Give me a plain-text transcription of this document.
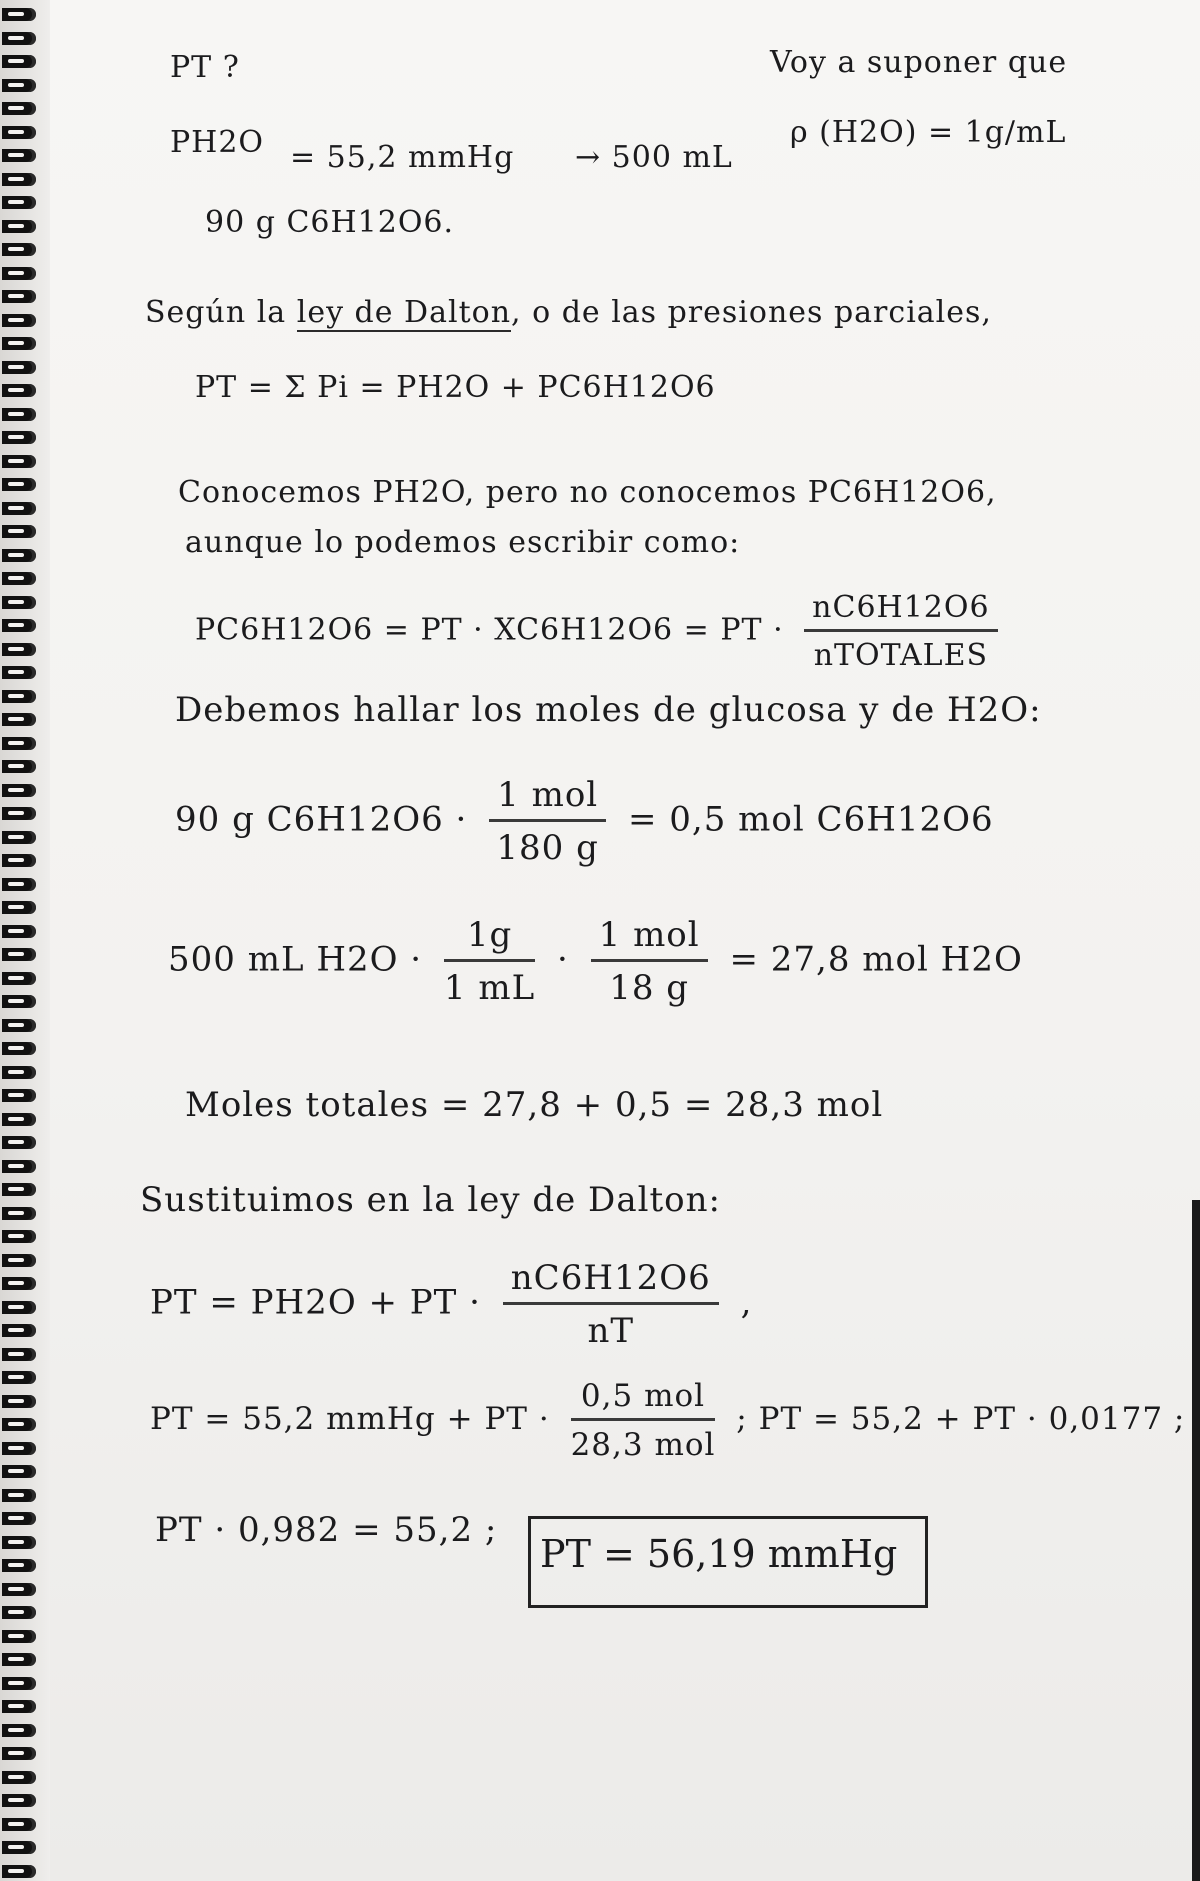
PT ?
PH2O = 55,2 mmHg → 500 mL
90 g C6H12O6.
Voy a suponer que
ρ (H2O) = 1g/mL
Según la ley de Dalton, o de las presiones parciales,
PT = Σ Pi = PH2O + PC6H12O6
Conocemos PH2O, pero no conocemos PC6H12O6,
aunque lo podemos escribir como:
PC6H12O6 = PT · XC6H12O6 = PT · $\frac{nC6H12O6}{\text{nTOTALES}}$
Debemos hallar los moles de glucosa y de H2O:
90 g $C6H12O6 \cdot \frac{\text{1 mol}}{180 g} = 0,5$ mol C6H12O6
500 mL $H2O \cdot \frac{1g}{1 mL} \cdot \frac{\text{1 mol}}{18 g} = 27,8$ mol H2O
Moles totales = 27,8 + 0,5 = 28,3 mol
Sustituimos en la ley de Dalton:
PT = PH2O + PT · $\frac{nC6H12O6}{nT}$ ,
PT = 55,2 mmHg + PT · $\frac{\text{0,5 mol}}{\text{28,3 mol}}$ ; PT = 55,2 + PT · 0,0177 ;
PT · 0,982 = 55,2 ;
PT = 56,19 mmHg
